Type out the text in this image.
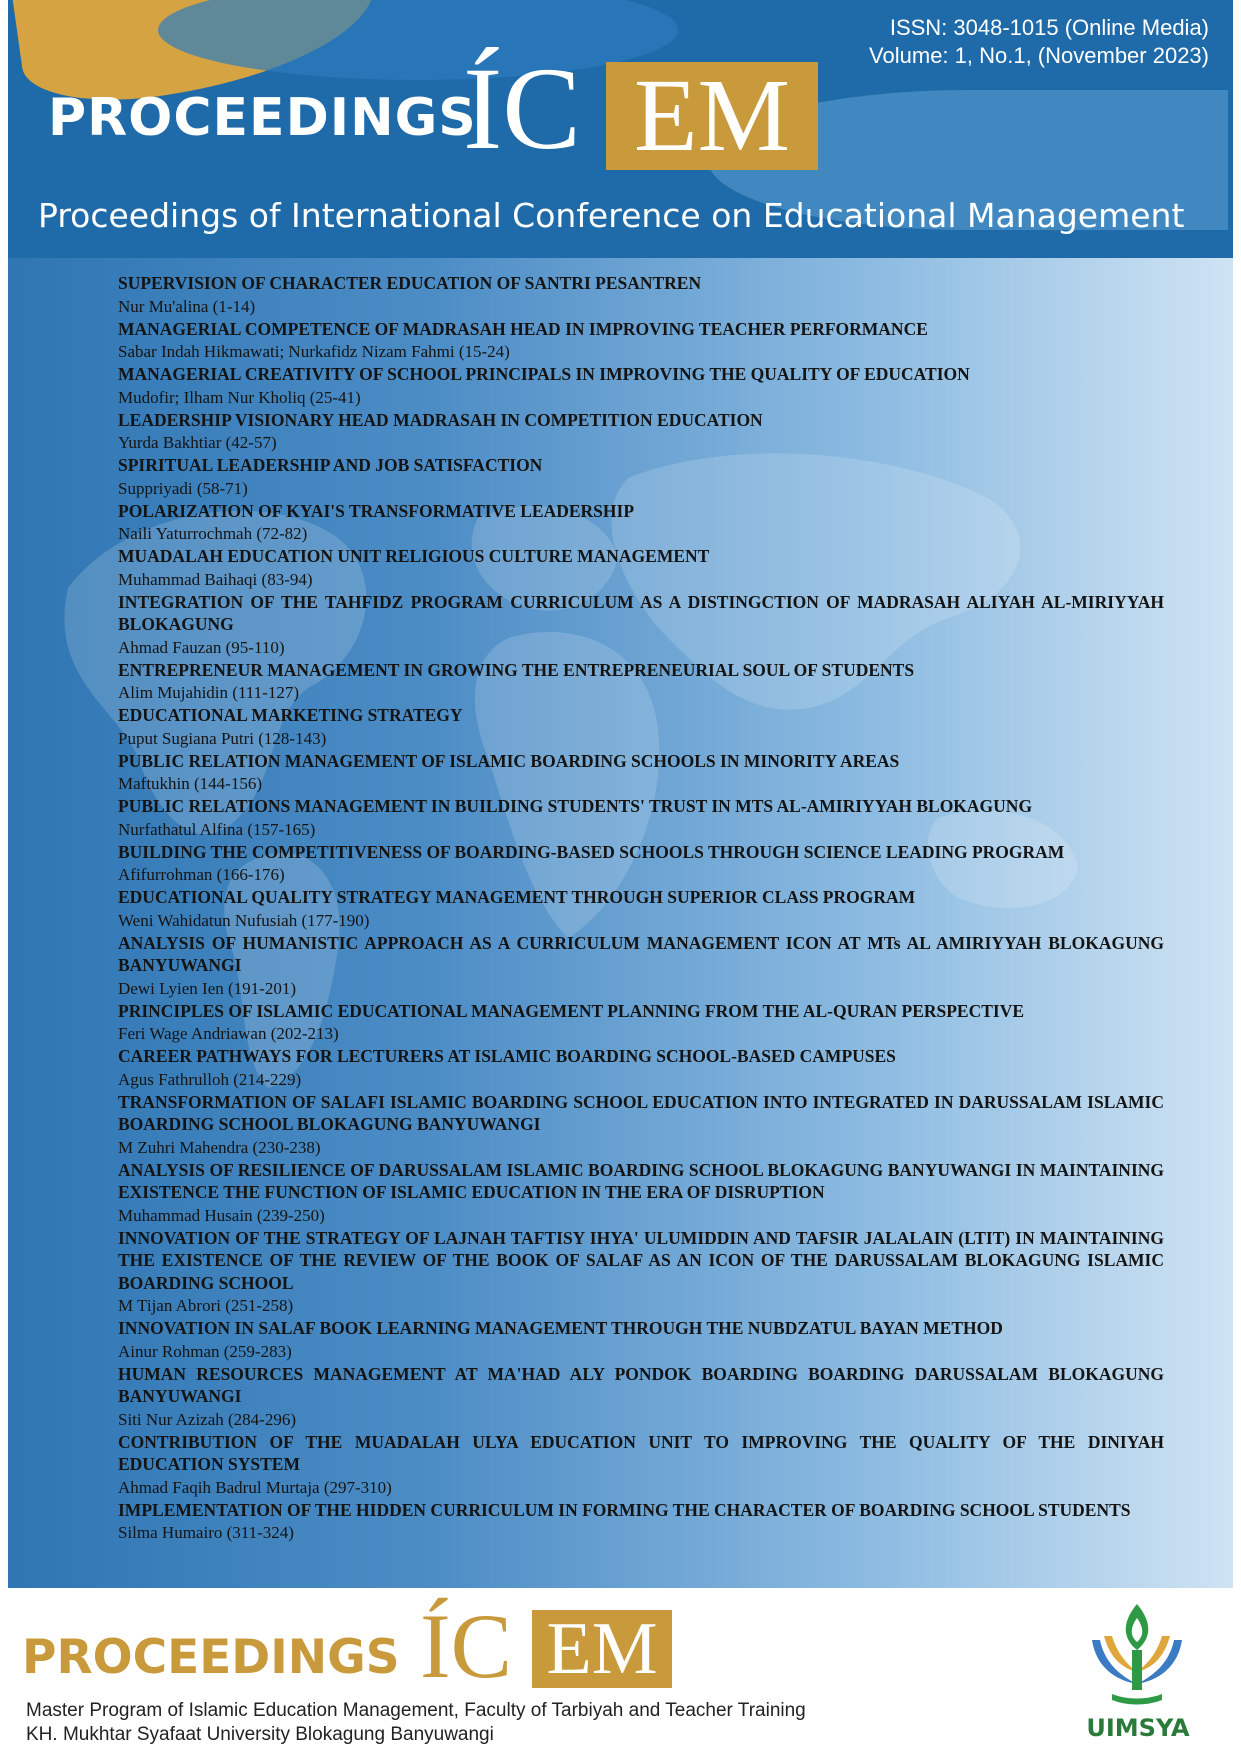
ISSN: 3048-1015 (Online Media)
Volume: 1, No.1, (November 2023)
PROCEEDINGS
ÍC EM
Proceedings of International Conference on Educational Management
SUPERVISION OF CHARACTER EDUCATION OF SANTRI PESANTREN
Nur Mu'alina (1-14)
MANAGERIAL COMPETENCE OF MADRASAH HEAD IN IMPROVING TEACHER PERFORMANCE
Sabar Indah Hikmawati; Nurkafidz Nizam Fahmi (15-24)
MANAGERIAL CREATIVITY OF SCHOOL PRINCIPALS IN IMPROVING THE QUALITY OF EDUCATION
Mudofir; Ilham Nur Kholiq (25-41)
LEADERSHIP VISIONARY HEAD MADRASAH IN COMPETITION EDUCATION
Yurda Bakhtiar (42-57)
SPIRITUAL LEADERSHIP AND JOB SATISFACTION
Suppriyadi (58-71)
POLARIZATION OF KYAI'S TRANSFORMATIVE LEADERSHIP
Naili Yaturrochmah (72-82)
MUADALAH EDUCATION UNIT RELIGIOUS CULTURE MANAGEMENT
Muhammad Baihaqi (83-94)
INTEGRATION OF THE TAHFIDZ PROGRAM CURRICULUM AS A DISTINGCTION OF MADRASAH ALIYAH AL-MIRIYYAH BLOKAGUNG
Ahmad Fauzan (95-110)
ENTREPRENEUR MANAGEMENT IN GROWING THE ENTREPRENEURIAL SOUL OF STUDENTS
Alim Mujahidin (111-127)
EDUCATIONAL MARKETING STRATEGY
Puput Sugiana Putri (128-143)
PUBLIC RELATION MANAGEMENT OF ISLAMIC BOARDING SCHOOLS IN MINORITY AREAS
Maftukhin (144-156)
PUBLIC RELATIONS MANAGEMENT IN BUILDING STUDENTS' TRUST IN MTS AL-AMIRIYYAH BLOKAGUNG
Nurfathatul Alfina (157-165)
BUILDING THE COMPETITIVENESS OF BOARDING-BASED SCHOOLS THROUGH SCIENCE LEADING PROGRAM
Afifurrohman (166-176)
EDUCATIONAL QUALITY STRATEGY MANAGEMENT THROUGH SUPERIOR CLASS PROGRAM
Weni Wahidatun Nufusiah (177-190)
ANALYSIS OF HUMANISTIC APPROACH AS A CURRICULUM MANAGEMENT ICON AT MTs AL AMIRIYYAH BLOKAGUNG BANYUWANGI
Dewi Lyien Ien (191-201)
PRINCIPLES OF ISLAMIC EDUCATIONAL MANAGEMENT PLANNING FROM THE AL-QURAN PERSPECTIVE
Feri Wage Andriawan (202-213)
CAREER PATHWAYS FOR LECTURERS AT ISLAMIC BOARDING SCHOOL-BASED CAMPUSES
Agus Fathrulloh (214-229)
TRANSFORMATION OF SALAFI ISLAMIC BOARDING SCHOOL EDUCATION INTO INTEGRATED IN DARUSSALAM ISLAMIC BOARDING SCHOOL BLOKAGUNG BANYUWANGI
M Zuhri Mahendra (230-238)
ANALYSIS OF RESILIENCE OF DARUSSALAM ISLAMIC BOARDING SCHOOL BLOKAGUNG BANYUWANGI IN MAINTAINING EXISTENCE THE FUNCTION OF ISLAMIC EDUCATION IN THE ERA OF DISRUPTION
Muhammad Husain (239-250)
INNOVATION OF THE STRATEGY OF LAJNAH TAFTISY IHYA' ULUMIDDIN AND TAFSIR JALALAIN (LTIT) IN MAINTAINING THE EXISTENCE OF THE REVIEW OF THE BOOK OF SALAF AS AN ICON OF THE DARUSSALAM BLOKAGUNG ISLAMIC BOARDING SCHOOL
M Tijan Abrori (251-258)
INNOVATION IN SALAF BOOK LEARNING MANAGEMENT THROUGH THE NUBDZATUL BAYAN METHOD
Ainur Rohman (259-283)
HUMAN RESOURCES MANAGEMENT AT MA'HAD ALY PONDOK BOARDING BOARDING DARUSSALAM BLOKAGUNG BANYUWANGI
Siti Nur Azizah (284-296)
CONTRIBUTION OF THE MUADALAH ULYA EDUCATION UNIT TO IMPROVING THE QUALITY OF THE DINIYAH EDUCATION SYSTEM
Ahmad Faqih Badrul Murtaja (297-310)
IMPLEMENTATION OF THE HIDDEN CURRICULUM IN FORMING THE CHARACTER OF BOARDING SCHOOL STUDENTS
Silma Humairo (311-324)
PROCEEDINGS ÍC EM
Master Program of Islamic Education Management, Faculty of Tarbiyah and Teacher Training
KH. Mukhtar Syafaat University Blokagung Banyuwangi	UIMSYA
